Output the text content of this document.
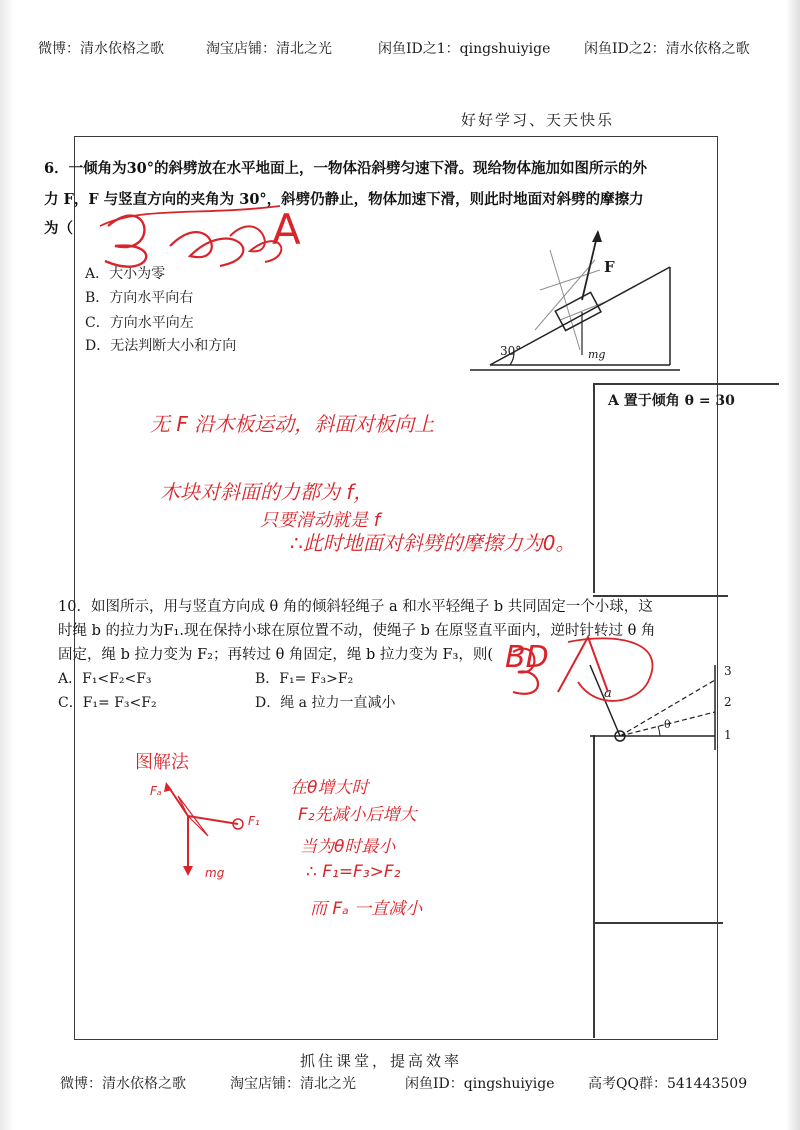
微博：清水依格之歌	淘宝店铺：清北之光	闲鱼ID之1：qingshuiyige 闲鱼ID之2：清水依格之歌
好好学习、天天快乐
6．一倾角为30°的斜劈放在水平地面上，一物体沿斜劈匀速下滑。现给物体施加如图所示的外
力 F，F 与竖直方向的夹角为 30°，斜劈仍静止，物体加速下滑，则此时地面对斜劈的摩擦力
为（
A．大小为零
B．方向水平向右
C．方向水平向左
D．无法判断大小和方向
F
30°	mg
A 置于倾角 θ = 30
A
无 F 沿木板运动，斜面对板向上
木块对斜面的力都为 f，
只要滑动就是 f
∴此时地面对斜劈的摩擦力为0。
10．如图所示，用与竖直方向成 θ 角的倾斜轻绳子 a 和水平轻绳子 b 共同固定一个小球，这
时绳 b 的拉力为F₁.现在保持小球在原位置不动，使绳子 b 在原竖直平面内，逆时针转过 θ 角
固定，绳 b 拉力变为 F₂；再转过 θ 角固定，绳 b 拉力变为 F₃，则(
A．F₁<F₂<F₃	B．F₁= F₃>F₂
C．F₁= F₃<F₂	D．绳 a 拉力一直减小
a
θ
3
2
1
BD
图解法
Fₐ
F₁
mg
在θ增大时
F₂先减小后增大
当为θ时最小
∴ F₁=F₃>F₂
而 Fₐ 一直减小
抓住课堂，提高效率
微博：清水依格之歌	淘宝店铺：清北之光	闲鱼ID：qingshuiyige 高考QQ群：541443509
